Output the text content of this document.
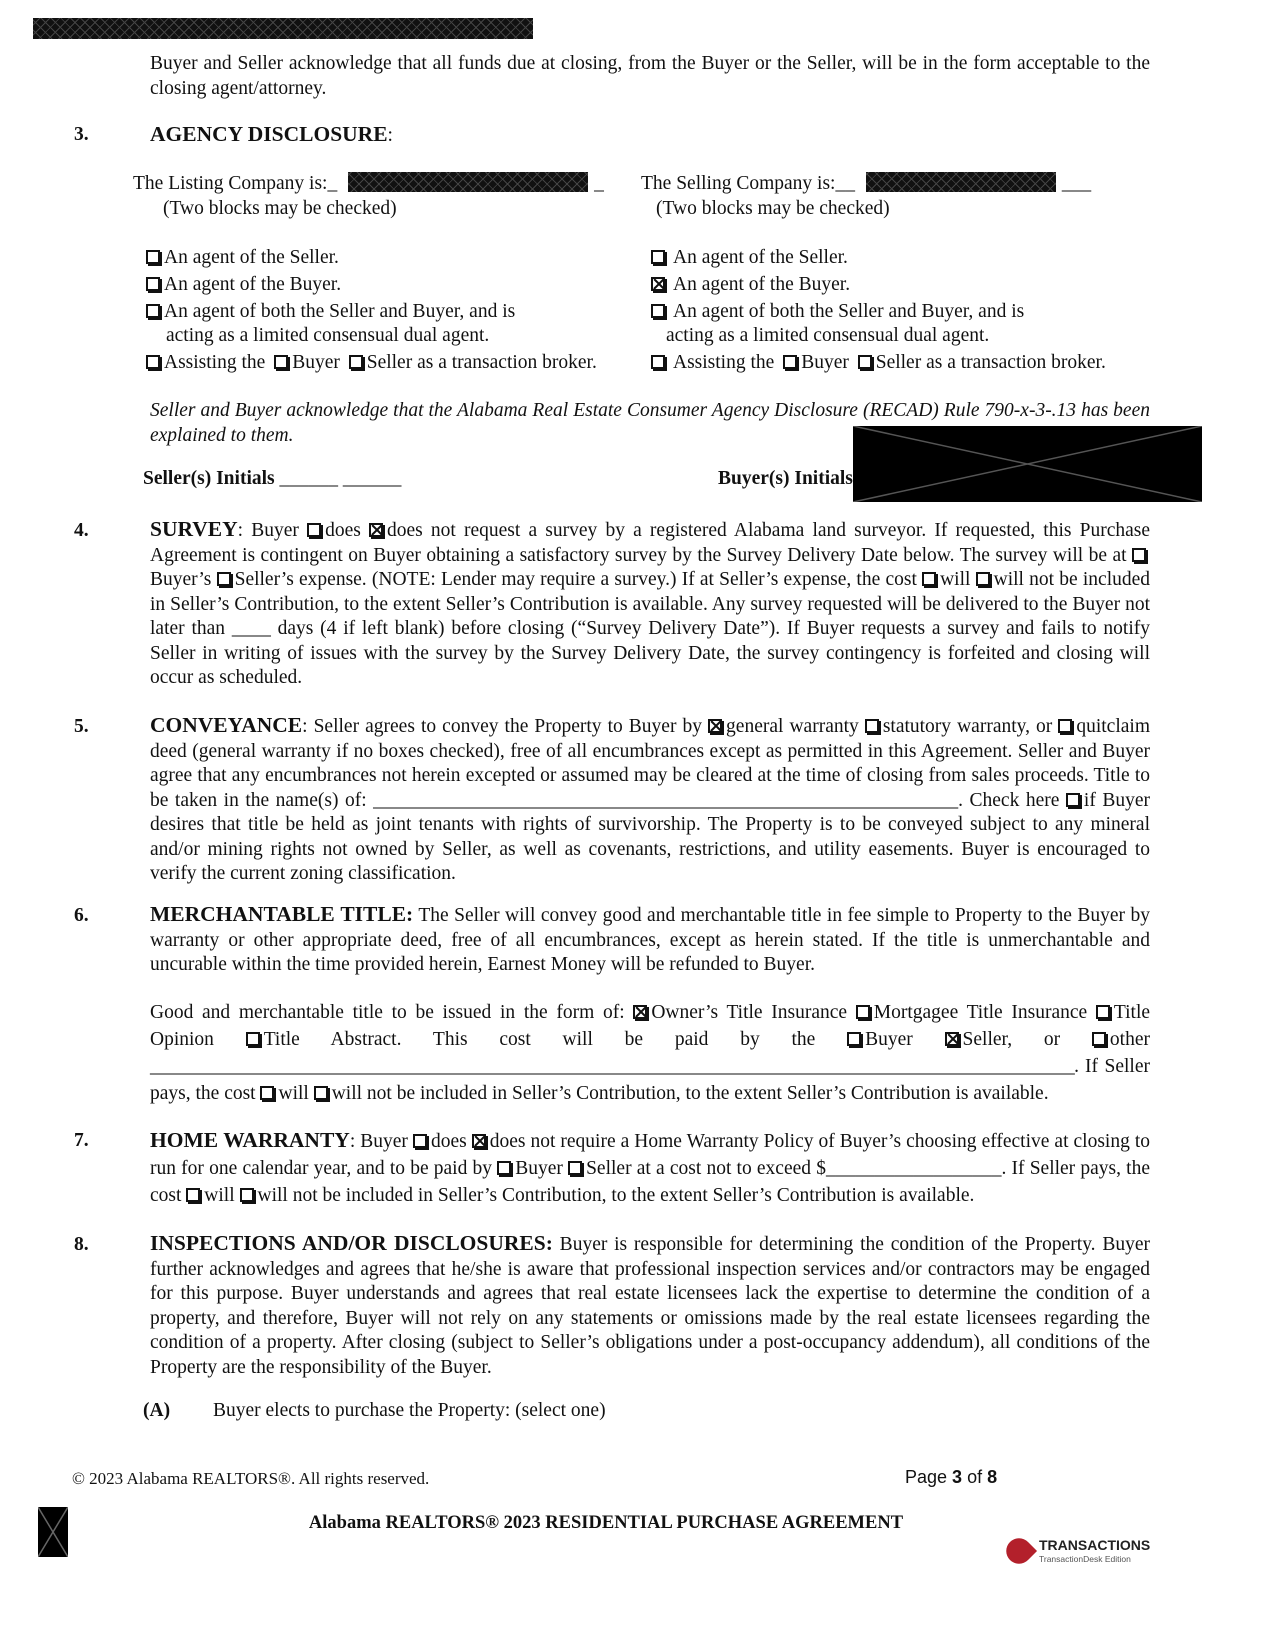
Buyer and Seller acknowledge that all funds due at closing, from the Buyer or the Seller, will be in the form acceptable to the closing agent/attorney.
3.	AGENCY DISCLOSURE:
The Listing Company is:_	_
(Two blocks may be checked)
An agent of the Seller.
An agent of the Buyer.
An agent of both the Seller and Buyer, and is
acting as a limited consensual dual agent.
Assisting the Buyer Seller as a transaction broker.
The Selling Company is:__	___
(Two blocks may be checked)
An agent of the Seller.
An agent of the Buyer.
An agent of both the Seller and Buyer, and is
acting as a limited consensual dual agent.
Assisting the Buyer Seller as a transaction broker.
Seller and Buyer acknowledge that the Alabama Real Estate Consumer Agency Disclosure (RECAD) Rule 790-x-3-.13 has been explained to them.
Seller(s) Initials ______ ______	Buyer(s) Initials
4.	SURVEY: Buyer does does not request a survey by a registered Alabama land surveyor. If requested, this Purchase Agreement is contingent on Buyer obtaining a satisfactory survey by the Survey Delivery Date below. The survey will be at Buyer’s Seller’s expense. (NOTE: Lender may require a survey.) If at Seller’s expense, the cost will will not be included in Seller’s Contribution, to the extent Seller’s Contribution is available. Any survey requested will be delivered to the Buyer not later than ____ days (4 if left blank) before closing (“Survey Delivery Date”). If Buyer requests a survey and fails to notify Seller in writing of issues with the survey by the Survey Delivery Date, the survey contingency is forfeited and closing will occur as scheduled.
5.	CONVEYANCE: Seller agrees to convey the Property to Buyer by general warranty statutory warranty, or quitclaim deed (general warranty if no boxes checked), free of all encumbrances except as permitted in this Agreement. Seller and Buyer agree that any encumbrances not herein excepted or assumed may be cleared at the time of closing from sales proceeds. Title to be taken in the name(s) of: ____________________________________________________________. Check here if Buyer desires that title be held as joint tenants with rights of survivorship. The Property is to be conveyed subject to any mineral and/or mining rights not owned by Seller, as well as covenants, restrictions, and utility easements. Buyer is encouraged to verify the current zoning classification.
6.	MERCHANTABLE TITLE: The Seller will convey good and merchantable title in fee simple to Property to the Buyer by warranty or other appropriate deed, free of all encumbrances, except as herein stated. If the title is unmerchantable and uncurable within the time provided herein, Earnest Money will be refunded to Buyer.
Good and merchantable title to be issued in the form of: Owner’s Title Insurance Mortgagee Title Insurance Title Opinion	Title Abstract. This cost will be paid by the	Buyer	Seller, or	other _____________________________________________________________________________________________________. If Seller pays, the cost will will not be included in Seller’s Contribution, to the extent Seller’s Contribution is available.
7.	HOME WARRANTY: Buyer does does not require a Home Warranty Policy of Buyer’s choosing effective at closing to run for one calendar year, and to be paid by Buyer Seller at a cost not to exceed $__________________. If Seller pays, the cost will will not be included in Seller’s Contribution, to the extent Seller’s Contribution is available.
8.	INSPECTIONS AND/OR DISCLOSURES: Buyer is responsible for determining the condition of the Property. Buyer further acknowledges and agrees that he/she is aware that professional inspection services and/or contractors may be engaged for this purpose. Buyer understands and agrees that real estate licensees lack the expertise to determine the condition of a property, and therefore, Buyer will not rely on any statements or omissions made by the real estate licensees regarding the condition of a property. After closing (subject to Seller’s obligations under a post-occupancy addendum), all conditions of the Property are the responsibility of the Buyer.
(A) Buyer elects to purchase the Property: (select one)
© 2023 Alabama REALTORS®. All rights reserved.	Page 3 of 8
Alabama REALTORS® 2023 RESIDENTIAL PURCHASE AGREEMENT
TRANSACTIONS
TransactionDesk Edition
